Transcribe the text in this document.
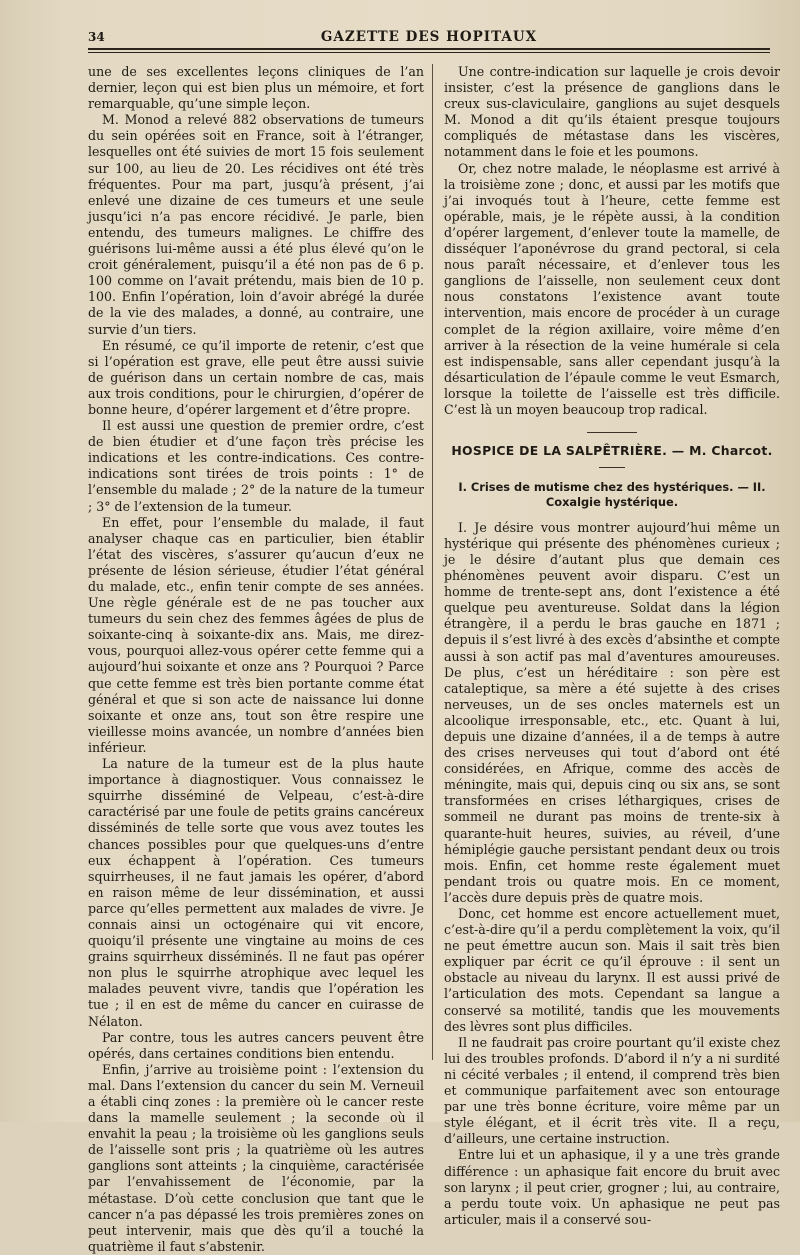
34	GAZETTE DES HOPITAUX

une de ses excellentes leçons cliniques de l’an dernier, leçon qui est bien plus un mémoire, et fort remarquable, qu’une simple leçon.

M. Monod a relevé 882 observations de tumeurs du sein opérées soit en France, soit à l’étranger, lesquelles ont été suivies de mort 15 fois seulement sur 100, au lieu de 20. Les récidives ont été très fréquentes. Pour ma part, jusqu’à présent, j’ai enlevé une dizaine de ces tumeurs et une seule jusqu’ici n’a pas encore récidivé. Je parle, bien entendu, des tumeurs malignes. Le chiffre des guérisons lui-même aussi a été plus élevé qu’on le croit généralement, puisqu’il a été non pas de 6 p. 100 comme on l’avait prétendu, mais bien de 10 p. 100. Enfin l’opération, loin d’avoir abrégé la durée de la vie des malades, a donné, au contraire, une survie d’un tiers.

En résumé, ce qu’il importe de retenir, c’est que si l’opération est grave, elle peut être aussi suivie de guérison dans un certain nombre de cas, mais aux trois conditions, pour le chirurgien, d’opérer de bonne heure, d’opérer largement et d’être propre.

Il est aussi une question de premier ordre, c’est de bien étudier et d’une façon très précise les indications et les contre-indications. Ces contre-indications sont tirées de trois points : 1° de l’ensemble du malade ; 2° de la nature de la tumeur ; 3° de l’extension de la tumeur.

En effet, pour l’ensemble du malade, il faut analyser chaque cas en particulier, bien établir l’état des viscères, s’assurer qu’aucun d’eux ne présente de lésion sérieuse, étudier l’état général du malade, etc., enfin tenir compte de ses années. Une règle générale est de ne pas toucher aux tumeurs du sein chez des femmes âgées de plus de soixante-cinq à soixante-dix ans. Mais, me direz-vous, pourquoi allez-vous opérer cette femme qui a aujourd’hui soixante et onze ans ? Pourquoi ? Parce que cette femme est très bien portante comme état général et que si son acte de naissance lui donne soixante et onze ans, tout son être respire une vieillesse moins avancée, un nombre d’années bien inférieur.

La nature de la tumeur est de la plus haute importance à diagnostiquer. Vous connaissez le squirrhe disséminé de Velpeau, c’est-à-dire caractérisé par une foule de petits grains cancéreux disséminés de telle sorte que vous avez toutes les chances possibles pour que quelques-uns d’entre eux échappent à l’opération. Ces tumeurs squirrheuses, il ne faut jamais les opérer, d’abord en raison même de leur dissémination, et aussi parce qu’elles permettent aux malades de vivre. Je connais ainsi un octogénaire qui vit encore, quoiqu’il présente une vingtaine au moins de ces grains squirrheux disséminés. Il ne faut pas opérer non plus le squirrhe atrophique avec lequel les malades peuvent vivre, tandis que l’opération les tue ; il en est de même du cancer en cuirasse de Nélaton.

Par contre, tous les autres cancers peuvent être opérés, dans certaines conditions bien entendu.

Enfin, j’arrive au troisième point : l’extension du mal. Dans l’extension du cancer du sein M. Verneuil a établi cinq zones : la première où le cancer reste dans la mamelle seulement ; la seconde où il envahit la peau ; la troisième où les ganglions seuls de l’aisselle sont pris ; la quatrième où les autres ganglions sont atteints ; la cinquième, caractérisée par l’envahissement de l’économie, par la métastase. D’où cette conclusion que tant que le cancer n’a pas dépassé les trois premières zones on peut intervenir, mais que dès qu’il a touché la quatrième il faut s’abstenir.

Une contre-indication sur laquelle je crois devoir insister, c’est la présence de ganglions dans le creux sus-claviculaire, ganglions au sujet desquels M. Monod a dit qu’ils étaient presque toujours compliqués de métastase dans les viscères, notamment dans le foie et les poumons.

Or, chez notre malade, le néoplasme est arrivé à la troisième zone ; donc, et aussi par les motifs que j’ai invoqués tout à l’heure, cette femme est opérable, mais, je le répète aussi, à la condition d’opérer largement, d’enlever toute la mamelle, de disséquer l’aponévrose du grand pectoral, si cela nous paraît nécessaire, et d’enlever tous les ganglions de l’aisselle, non seulement ceux dont nous constatons l’existence avant toute intervention, mais encore de procéder à un curage complet de la région axillaire, voire même d’en arriver à la résection de la veine humérale si cela est indispensable, sans aller cependant jusqu’à la désarticulation de l’épaule comme le veut Esmarch, lorsque la toilette de l’aisselle est très difficile. C’est là un moyen beaucoup trop radical.

HOSPICE DE LA SALPÊTRIÈRE. — M. Charcot.
I. Crises de mutisme chez des hystériques. — II. Coxalgie hystérique.

I. Je désire vous montrer aujourd’hui même un hystérique qui présente des phénomènes curieux ; je le désire d’autant plus que demain ces phénomènes peuvent avoir disparu. C’est un homme de trente-sept ans, dont l’existence a été quelque peu aventureuse. Soldat dans la légion étrangère, il a perdu le bras gauche en 1871 ; depuis il s’est livré à des excès d’absinthe et compte aussi à son actif pas mal d’aventures amoureuses. De plus, c’est un héréditaire : son père est cataleptique, sa mère a été sujette à des crises nerveuses, un de ses oncles maternels est un alcoolique irresponsable, etc., etc. Quant à lui, depuis une dizaine d’années, il a de temps à autre des crises nerveuses qui tout d’abord ont été considérées, en Afrique, comme des accès de méningite, mais qui, depuis cinq ou six ans, se sont transformées en crises léthargiques, crises de sommeil ne durant pas moins de trente-six à quarante-huit heures, suivies, au réveil, d’une hémiplégie gauche persistant pendant deux ou trois mois. Enfin, cet homme reste également muet pendant trois ou quatre mois. En ce moment, l’accès dure depuis près de quatre mois.

Donc, cet homme est encore actuellement muet, c’est-à-dire qu’il a perdu complètement la voix, qu’il ne peut émettre aucun son. Mais il sait très bien expliquer par écrit ce qu’il éprouve : il sent un obstacle au niveau du larynx. Il est aussi privé de l’articulation des mots. Cependant sa langue a conservé sa motilité, tandis que les mouvements des lèvres sont plus difficiles.

Il ne faudrait pas croire pourtant qu’il existe chez lui des troubles profonds. D’abord il n’y a ni surdité ni cécité verbales ; il entend, il comprend très bien et communique parfaitement avec son entourage par une très bonne écriture, voire même par un style élégant, et il écrit très vite. Il a reçu, d’ailleurs, une certaine instruction.

Entre lui et un aphasique, il y a une très grande différence : un aphasique fait encore du bruit avec son larynx ; il peut crier, grogner ; lui, au contraire, a perdu toute voix. Un aphasique ne peut pas articuler, mais il a conservé sou-
